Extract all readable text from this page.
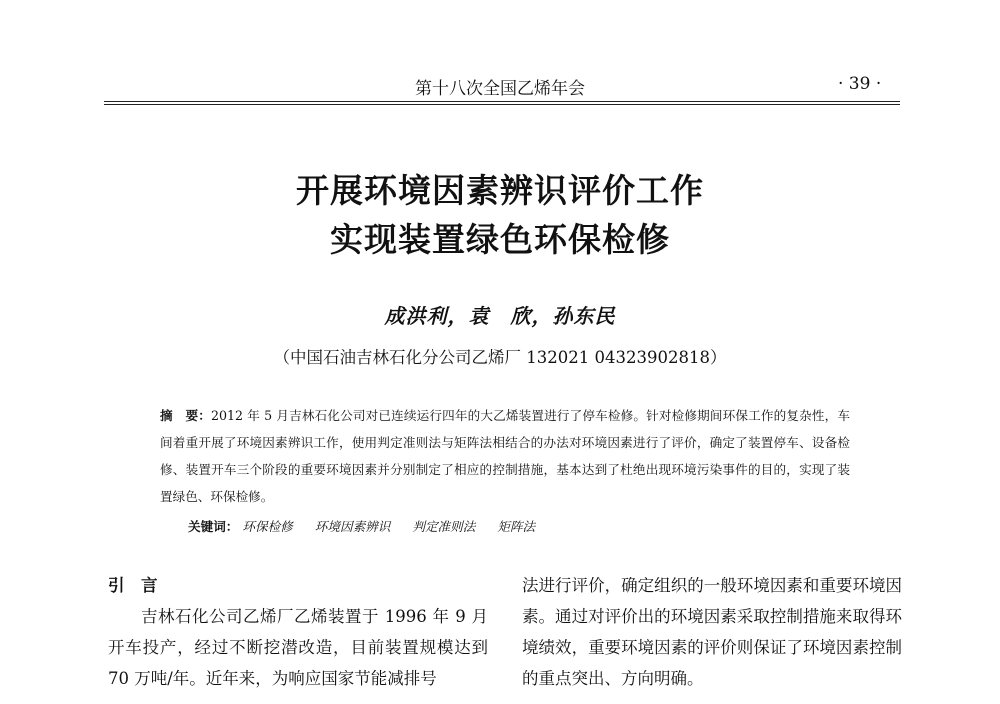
第十八次全国乙烯年会	· 39 ·
开展环境因素辨识评价工作
实现装置绿色环保检修
成洪利，袁　欣，孙东民
（中国石油吉林石化分公司乙烯厂 132021 04323902818）
摘　要：2012 年 5 月吉林石化公司对已连续运行四年的大乙烯装置进行了停车检修。针对检修期间环保工作的复杂性，车间着重开展了环境因素辨识工作，使用判定准则法与矩阵法相结合的办法对环境因素进行了评价，确定了装置停车、设备检修、装置开车三个阶段的重要环境因素并分别制定了相应的控制措施，基本达到了杜绝出现环境污染事件的目的，实现了装置绿色、环保检修。
关键词： 环保检修 环境因素辨识 判定准则法 矩阵法
引　言
吉林石化公司乙烯厂乙烯装置于 1996 年 9 月开车投产，经过不断挖潜改造，目前装置规模达到 70 万吨/年。近年来，为响应国家节能减排号
法进行评价，确定组织的一般环境因素和重要环境因素。通过对评价出的环境因素采取控制措施来取得环境绩效，重要环境因素的评价则保证了环境因素控制的重点突出、方向明确。
